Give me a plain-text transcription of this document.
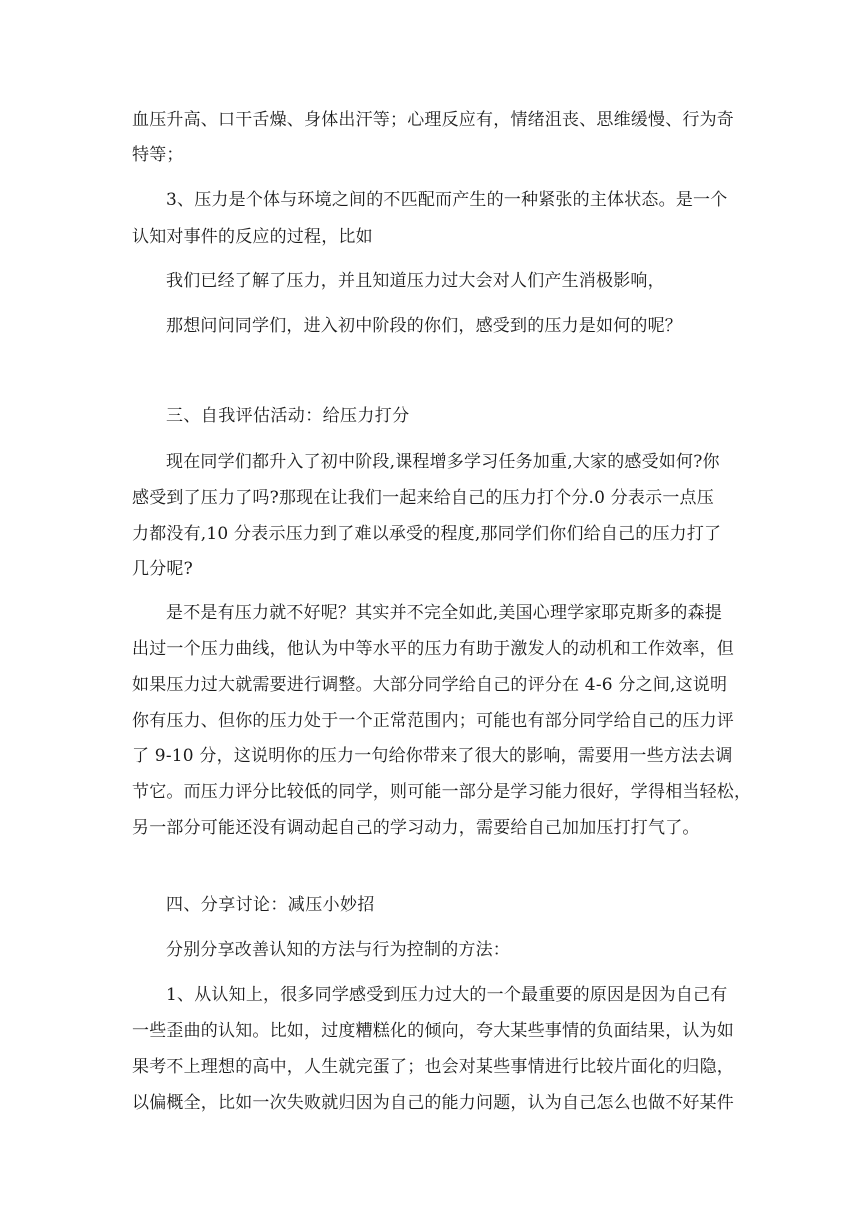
血压升高、口干舌燥、身体出汗等；心理反应有，情绪沮丧、思维缓慢、行为奇
特等；
3、压力是个体与环境之间的不匹配而产生的一种紧张的主体状态。是一个
认知对事件的反应的过程，比如
我们已经了解了压力，并且知道压力过大会对人们产生消极影响，
那想问问同学们，进入初中阶段的你们，感受到的压力是如何的呢？
三、自我评估活动：给压力打分
现在同学们都升入了初中阶段,课程增多学习任务加重,大家的感受如何?你
感受到了压力了吗?那现在让我们一起来给自己的压力打个分.0 分表示一点压
力都没有,10 分表示压力到了难以承受的程度,那同学们你们给自己的压力打了
几分呢?
是不是有压力就不好呢？其实并不完全如此,美国心理学家耶克斯多的森提
出过一个压力曲线，他认为中等水平的压力有助于激发人的动机和工作效率，但
如果压力过大就需要进行调整。大部分同学给自己的评分在 4-6 分之间,这说明
你有压力、但你的压力处于一个正常范围内；可能也有部分同学给自己的压力评
了 9-10 分，这说明你的压力一句给你带来了很大的影响，需要用一些方法去调
节它。而压力评分比较低的同学，则可能一部分是学习能力很好，学得相当轻松，
另一部分可能还没有调动起自己的学习动力，需要给自己加加压打打气了。
四、分享讨论：减压小妙招
分别分享改善认知的方法与行为控制的方法：
1、从认知上，很多同学感受到压力过大的一个最重要的原因是因为自己有
一些歪曲的认知。比如，过度糟糕化的倾向，夸大某些事情的负面结果，认为如
果考不上理想的高中，人生就完蛋了；也会对某些事情进行比较片面化的归隐，
以偏概全，比如一次失败就归因为自己的能力问题，认为自己怎么也做不好某件
